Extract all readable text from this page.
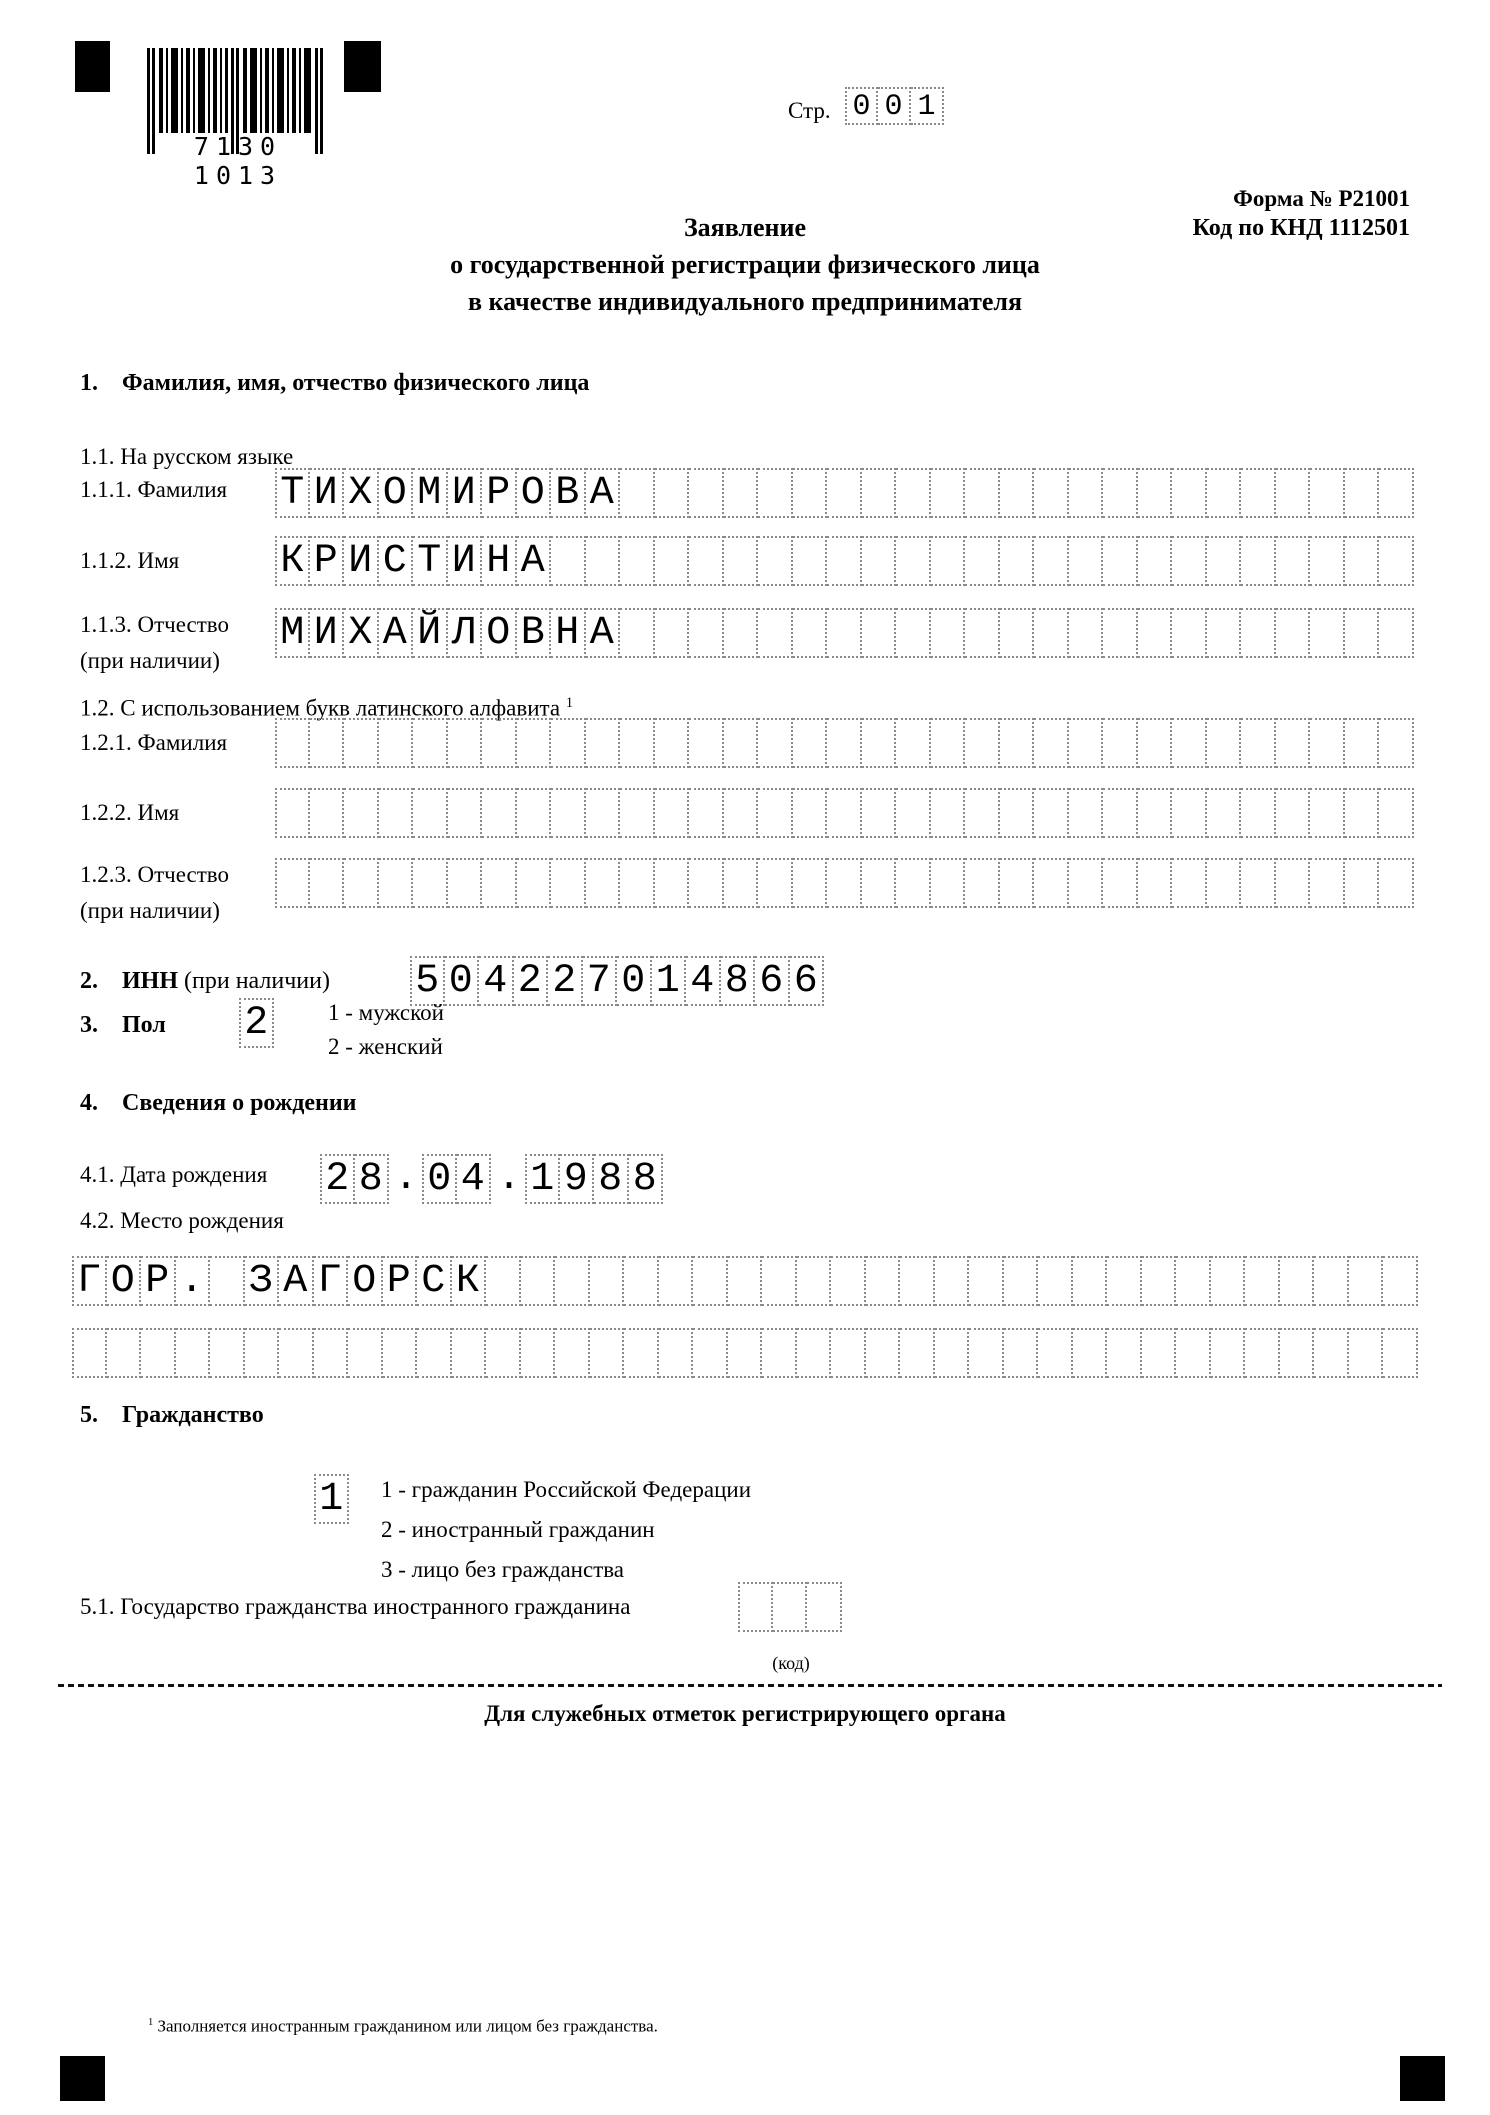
7130 1013
Стр. 0 0 1
Форма № Р21001
Код по КНД 1112501
Заявление
о государственной регистрации физического лица
в качестве индивидуального предпринимателя
1. Фамилия, имя, отчество физического лица
1.1. На русском языке
1.1.1. Фамилия Т И Х О М И Р О В А
1.1.2. Имя	К Р И С Т И Н А
1.1.3. Отчество
(при наличии)
М И Х А Й Л О В Н А
1.2. С использованием букв латинского алфавита $^1$
1.2.1. Фамилия
1.2.2. Имя
1.2.3. Отчество
(при наличии)
2. ИНН (при наличии) 5 0 4 2 2 7 0 1 4 8 6 6
3. Пол 2	1 - мужской
2 - женский
4. Сведения о рождении
4.1. Дата рождения 2 8 . 0 4 . 1 9 8 8
4.2. Место рождения
Г О Р . З А Г О Р С К
5. Гражданство
1 1 - гражданин Российской Федерации
2 - иностранный гражданин
3 - лицо без гражданства
5.1. Государство гражданства иностранного гражданина
(код)
Для служебных отметок регистрирующего органа
$^1$ Заполняется иностранным гражданином или лицом без гражданства.
